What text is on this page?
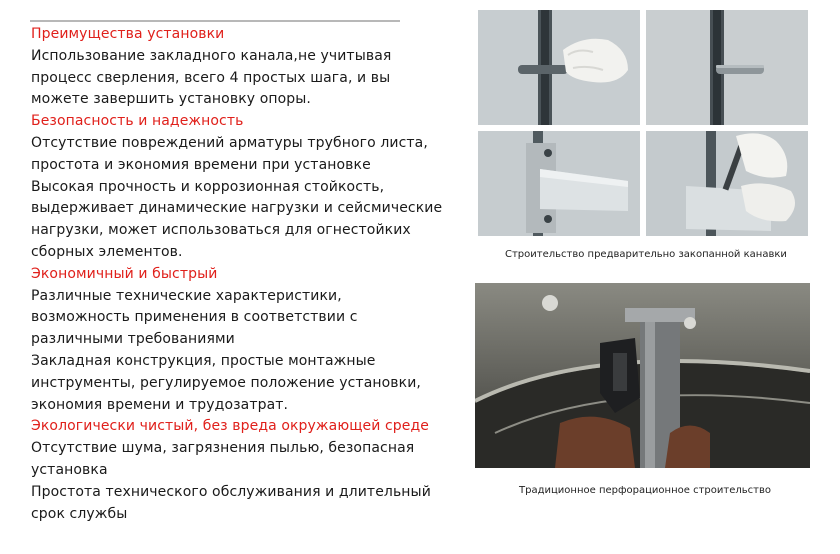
Преимущества установки
Использование закладного канала,не учитывая
процесс сверления, всего 4 простых шага, и вы
можете завершить установку опоры.
Безопасность и надежность
Отсутствие повреждений арматуры трубного листа,
простота и экономия времени при установке
Высокая прочность и коррозионная стойкость,
выдерживает динамические нагрузки и сейсмические
нагрузки, может использоваться для огнестойких
сборных элементов.
Экономичный и быстрый
Различные технические характеристики,
возможность применения в соответствии с
различными требованиями
Закладная конструкция, простые монтажные
инструменты, регулируемое положение установки,
экономия времени и трудозатрат.
Экологически чистый, без вреда окружающей среде
Отсутствие шума, загрязнения пылью, безопасная
установка
Простота технического обслуживания и длительный
срок службы
Строительство предварительно закопанной канавки
Традиционное перфорационное строительство
